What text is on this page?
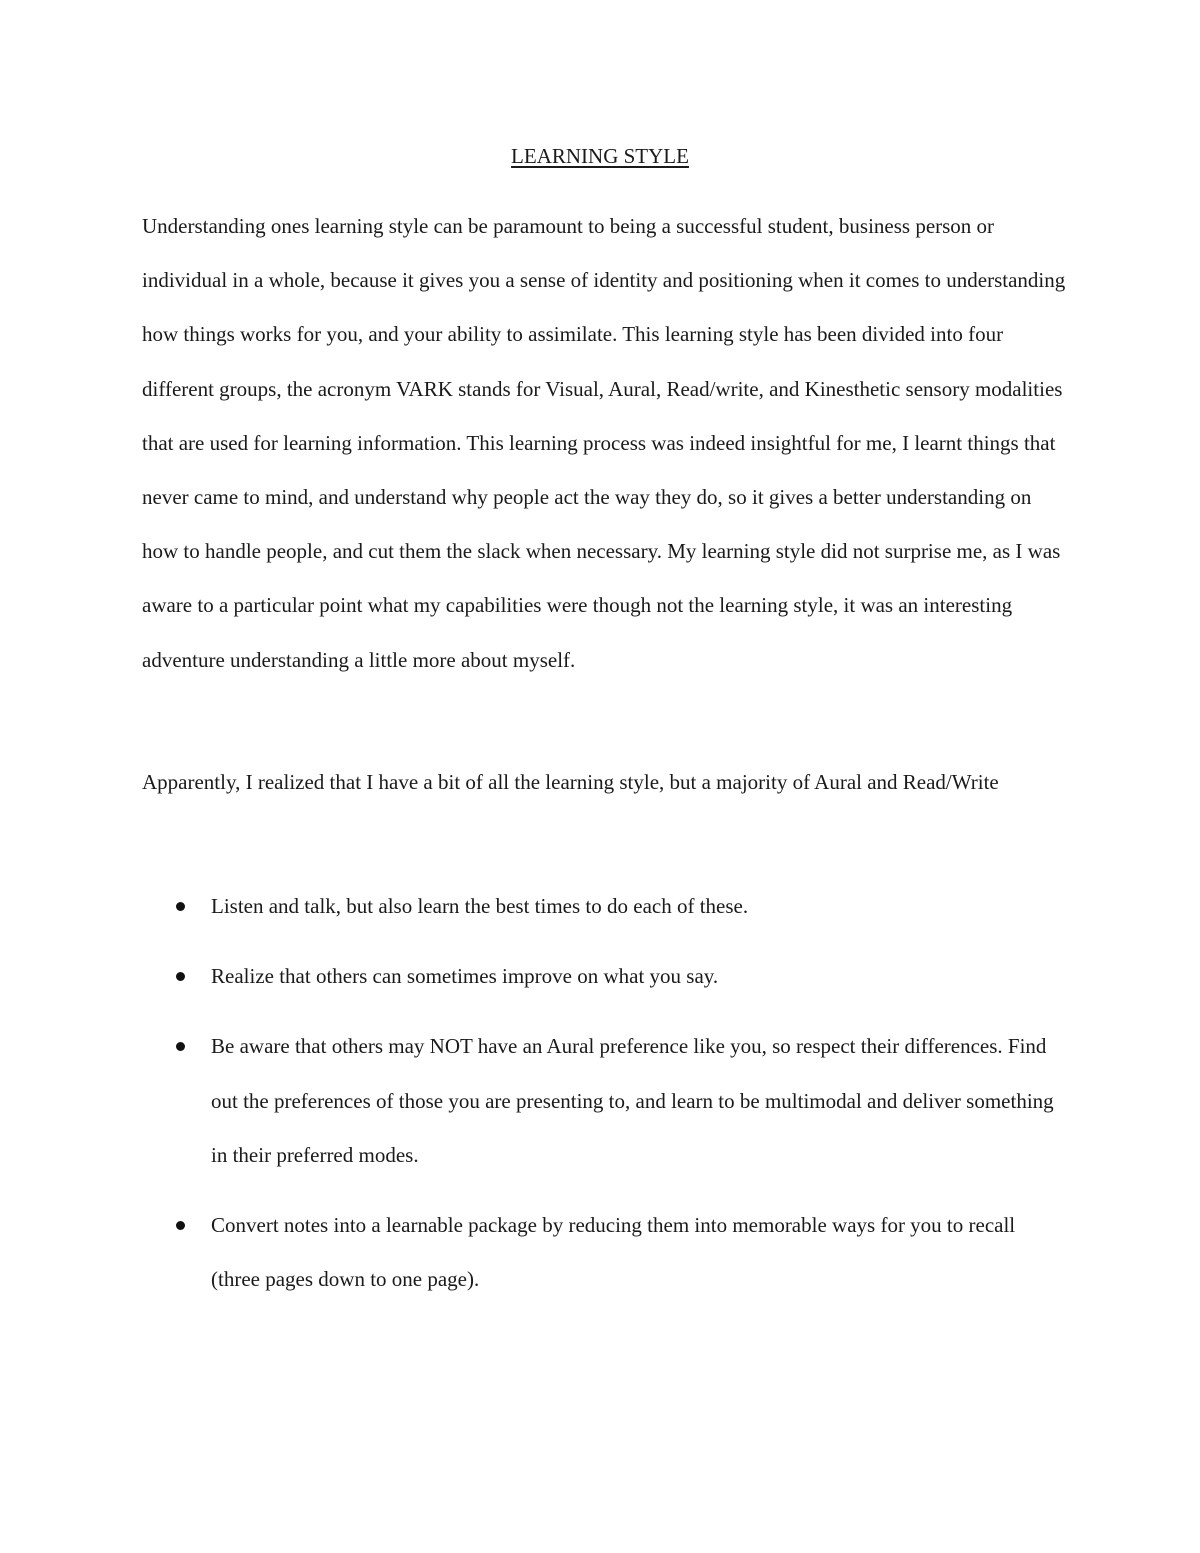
LEARNING STYLE

Understanding ones learning style can be paramount to being a successful student, business person or individual in a whole, because it gives you a sense of identity and positioning when it comes to understanding how things works for you, and your ability to assimilate. This learning style has been divided into four different groups, the acronym VARK stands for Visual, Aural, Read/write, and Kinesthetic sensory modalities that are used for learning information. This learning process was indeed insightful for me, I learnt things that never came to mind, and understand why people act the way they do, so it gives a better understanding on how to handle people, and cut them the slack when necessary. My learning style did not surprise me, as I was aware to a particular point what my capabilities were though not the learning style, it was an interesting adventure understanding a little more about myself.

Apparently, I realized that I have a bit of all the learning style, but a majority of Aural and Read/Write

Listen and talk, but also learn the best times to do each of these.
Realize that others can sometimes improve on what you say.
Be aware that others may NOT have an Aural preference like you, so respect their differences. Find out the preferences of those you are presenting to, and learn to be multimodal and deliver something in their preferred modes.
Convert notes into a learnable package by reducing them into memorable ways for you to recall (three pages down to one page).
